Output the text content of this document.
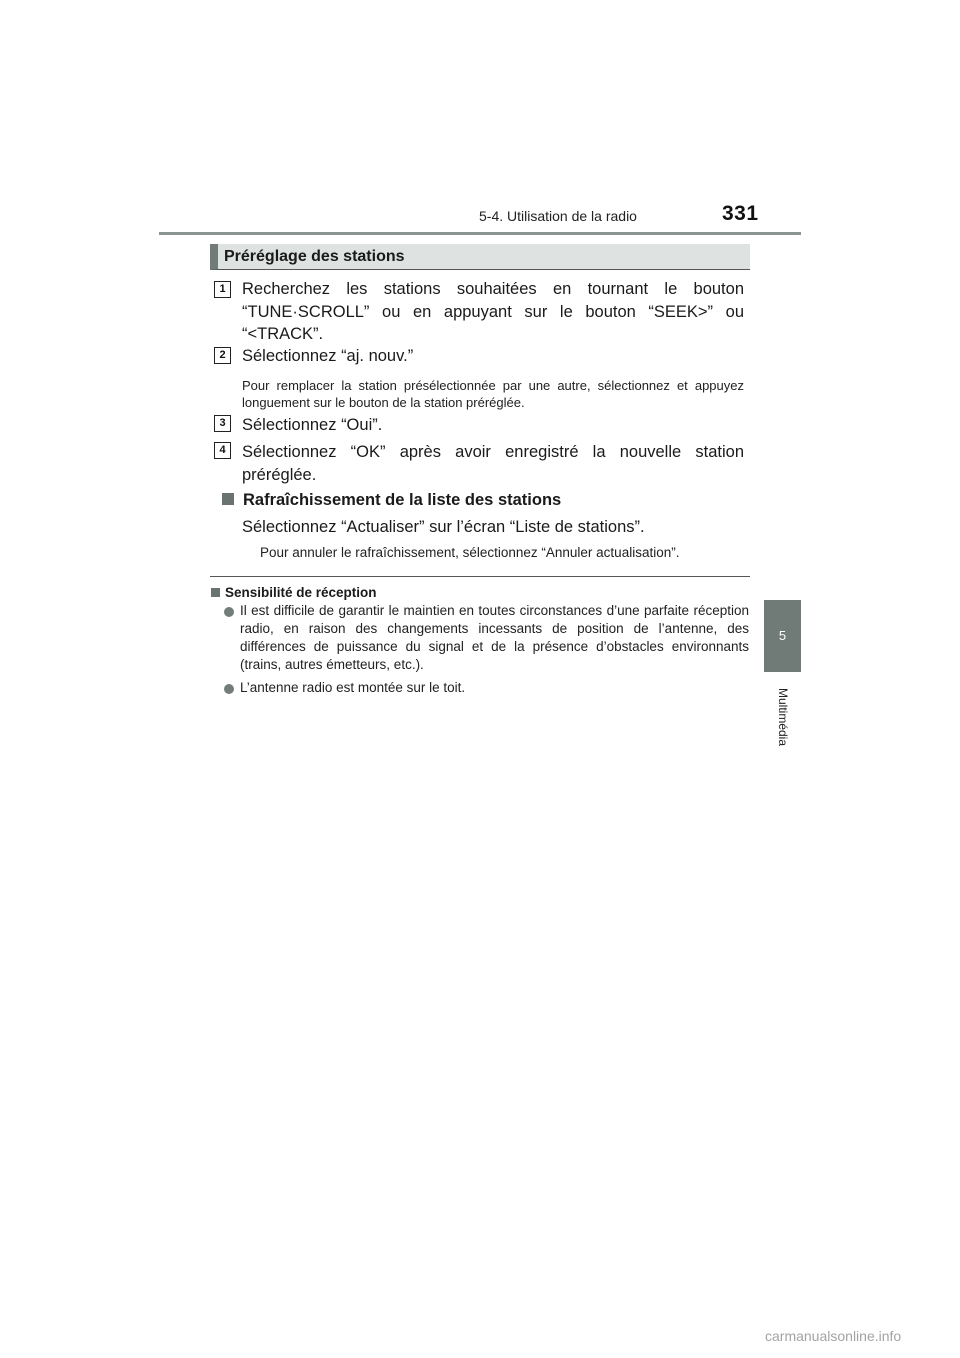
5-4. Utilisation de la radio	331
5
Multimédia
Préréglage des stations
1 Recherchez les stations souhaitées en tournant le bouton “TUNE·SCROLL” ou en appuyant sur le bouton “SEEK>” ou “<TRACK”.
2 Sélectionnez “aj. nouv.”
Pour remplacer la station présélectionnée par une autre, sélectionnez et appuyez longuement sur le bouton de la station préréglée.
3 Sélectionnez “Oui”.
4 Sélectionnez “OK” après avoir enregistré la nouvelle station préréglée.
Rafraîchissement de la liste des stations
Sélectionnez “Actualiser” sur l’écran “Liste de stations”.
Pour annuler le rafraîchissement, sélectionnez “Annuler actualisation”.
Sensibilité de réception
Il est difficile de garantir le maintien en toutes circonstances d’une parfaite réception radio, en raison des changements incessants de position de l’antenne, des différences de puissance du signal et de la présence d’obstacles environnants (trains, autres émetteurs, etc.).
L’antenne radio est montée sur le toit.
carmanualsonline.info
